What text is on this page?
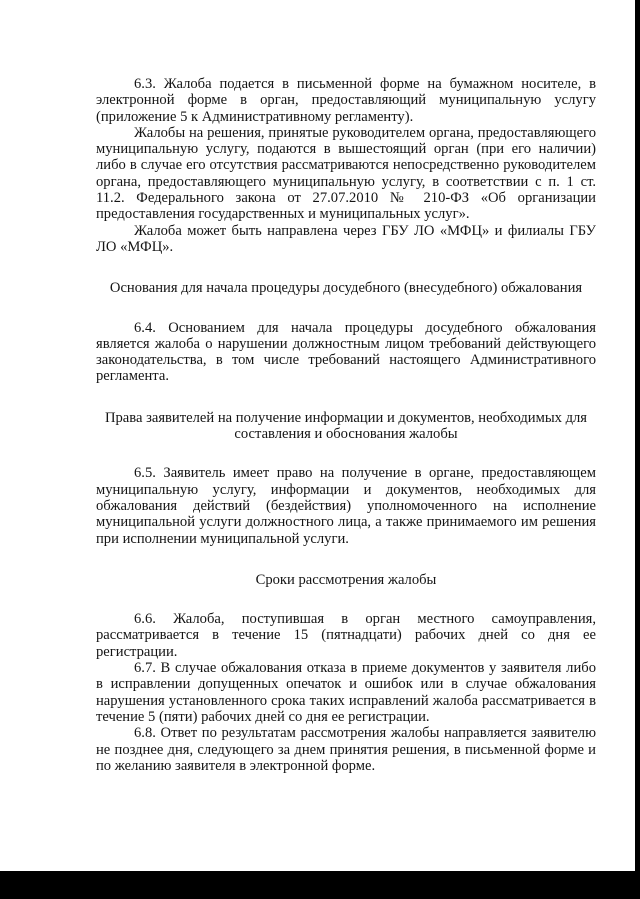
6.3. Жалоба подается в письменной форме на бумажном носителе, в электронной форме в орган, предоставляющий муниципальную услугу (приложение 5 к Административному регламенту).

Жалобы на решения, принятые руководителем органа, предоставляющего муниципальную услугу, подаются в вышестоящий орган (при его наличии) либо в случае его отсутствия рассматриваются непосредственно руководителем органа, предоставляющего муниципальную услугу, в соответствии с п. 1 ст. 11.2. Федерального закона от 27.07.2010 № 210-ФЗ «Об организации предоставления государственных и муниципальных услуг».

Жалоба может быть направлена через ГБУ ЛО «МФЦ» и филиалы ГБУ ЛО «МФЦ».

Основания для начала процедуры досудебного (внесудебного) обжалования

6.4. Основанием для начала процедуры досудебного обжалования является жалоба о нарушении должностным лицом требований действующего законодательства, в том числе требований настоящего Административного регламента.

Права заявителей на получение информации и документов, необходимых для составления и обоснования жалобы

6.5. Заявитель имеет право на получение в органе, предоставляющем муниципальную услугу, информации и документов, необходимых для обжалования действий (бездействия) уполномоченного на исполнение муниципальной услуги должностного лица, а также принимаемого им решения при исполнении муниципальной услуги.

Сроки рассмотрения жалобы

6.6. Жалоба, поступившая в орган местного самоуправления, рассматривается в течение 15 (пятнадцати) рабочих дней со дня ее регистрации.

6.7. В случае обжалования отказа в приеме документов у заявителя либо в исправлении допущенных опечаток и ошибок или в случае обжалования нарушения установленного срока таких исправлений жалоба рассматривается в течение 5 (пяти) рабочих дней со дня ее регистрации.

6.8. Ответ по результатам рассмотрения жалобы направляется заявителю не позднее дня, следующего за днем принятия решения, в письменной форме и по желанию заявителя в электронной форме.
